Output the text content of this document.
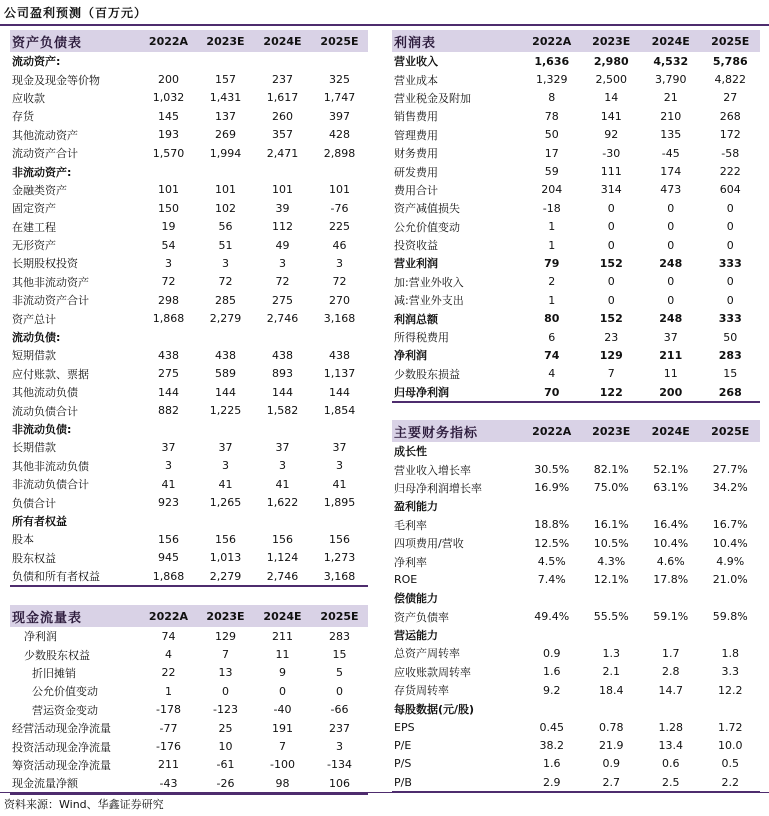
公司盈利预测（百万元）
资产负债表	2022A	2023E	2024E	2025E
流动资产:				
现金及现金等价物	200	157	237	325
应收款	1,032	1,431	1,617	1,747
存货	145	137	260	397
其他流动资产	193	269	357	428
流动资产合计	1,570	1,994	2,471	2,898
非流动资产:				
金融类资产	101	101	101	101
固定资产	150	102	39	-76
在建工程	19	56	112	225
无形资产	54	51	49	46
长期股权投资	3	3	3	3
其他非流动资产	72	72	72	72
非流动资产合计	298	285	275	270
资产总计	1,868	2,279	2,746	3,168
流动负债:				
短期借款	438	438	438	438
应付账款、票据	275	589	893	1,137
其他流动负债	144	144	144	144
流动负债合计	882	1,225	1,582	1,854
非流动负债:				
长期借款	37	37	37	37
其他非流动负债	3	3	3	3
非流动负债合计	41	41	41	41
负债合计	923	1,265	1,622	1,895
所有者权益				
股本	156	156	156	156
股东权益	945	1,013	1,124	1,273
负债和所有者权益	1,868	2,279	2,746	3,168
现金流量表	2022A	2023E	2024E	2025E
净利润	74	129	211	283
少数股东权益	4	7	11	15
折旧摊销	22	13	9	5
公允价值变动	1	0	0	0
营运资金变动	-178	-123	-40	-66
经营活动现金净流量	-77	25	191	237
投资活动现金净流量	-176	10	7	3
筹资活动现金净流量	211	-61	-100	-134
现金流量净额	-43	-26	98	106
利润表	2022A	2023E	2024E	2025E
营业收入	1,636	2,980	4,532	5,786
营业成本	1,329	2,500	3,790	4,822
营业税金及附加	8	14	21	27
销售费用	78	141	210	268
管理费用	50	92	135	172
财务费用	17	-30	-45	-58
研发费用	59	111	174	222
费用合计	204	314	473	604
资产减值损失	-18	0	0	0
公允价值变动	1	0	0	0
投资收益	1	0	0	0
营业利润	79	152	248	333
加:营业外收入	2	0	0	0
减:营业外支出	1	0	0	0
利润总额	80	152	248	333
所得税费用	6	23	37	50
净利润	74	129	211	283
少数股东损益	4	7	11	15
归母净利润	70	122	200	268
主要财务指标	2022A	2023E	2024E	2025E
成长性				
营业收入增长率	30.5%	82.1%	52.1%	27.7%
归母净利润增长率	16.9%	75.0%	63.1%	34.2%
盈利能力				
毛利率	18.8%	16.1%	16.4%	16.7%
四项费用/营收	12.5%	10.5%	10.4%	10.4%
净利率	4.5%	4.3%	4.6%	4.9%
ROE	7.4%	12.1%	17.8%	21.0%
偿债能力				
资产负债率	49.4%	55.5%	59.1%	59.8%
营运能力				
总资产周转率	0.9	1.3	1.7	1.8
应收账款周转率	1.6	2.1	2.8	3.3
存货周转率	9.2	18.4	14.7	12.2
每股数据(元/股)				
EPS	0.45	0.78	1.28	1.72
P/E	38.2	21.9	13.4	10.0
P/S	1.6	0.9	0.6	0.5
P/B	2.9	2.7	2.5	2.2
资料来源：Wind、华鑫证券研究
